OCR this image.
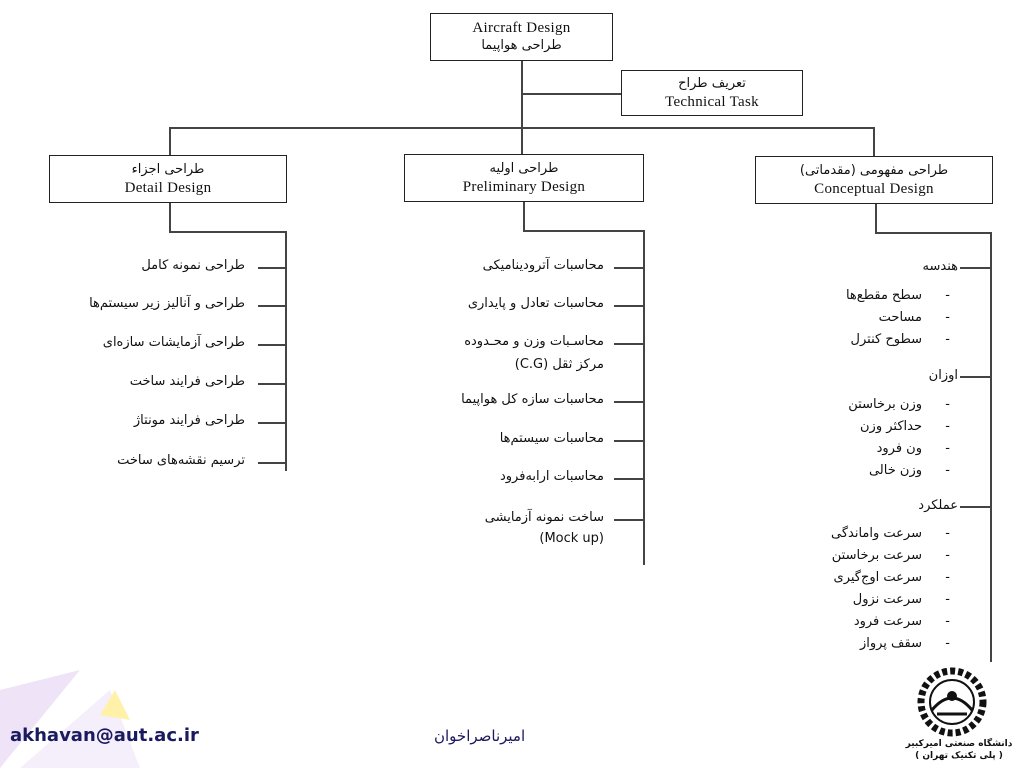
Aircraft Design
طراحی هواپیما
تعریف طراح
Technical Task
طراحی اجزاء
Detail Design
طراحی اولیه
Preliminary Design
طراحی مفهومی (مقدماتی)
Conceptual Design
طراحی نمونه کامل
طراحی و آنالیز زیر سیستم‌ها
طراحی آزمایشات سازه‌ای
طراحی فرایند ساخت
طراحی فرایند مونتاژ
ترسیم نقشه‌های ساخت
محاسبات آترودینامیکی
محاسبات تعادل و پایداری
محاسـبات وزن و محـدوده
مرکز ثقل (C.G)
محاسبات سازه کل هواپیما
محاسبات سیستم‌ها
محاسبات ارابه‌فرود
ساخت نمونه آزمایشی
(Mock up)
هندسه
سطح مقطع‌ها -
مساحت -
سطوح کنترل -
اوزان
وزن برخاستن -
حداکثر وزن -
ون فرود -
وزن خالی -
عملکرد
سرعت واماندگی -
سرعت برخاستن -
سرعت اوج‌گیری -
سرعت نزول -
سرعت فرود -
سقف پرواز -
akhavan@aut.ac.ir	امیرناصراخوان	دانشگاه صنعتی امیرکبیر
( پلی تکنیک تهران )
